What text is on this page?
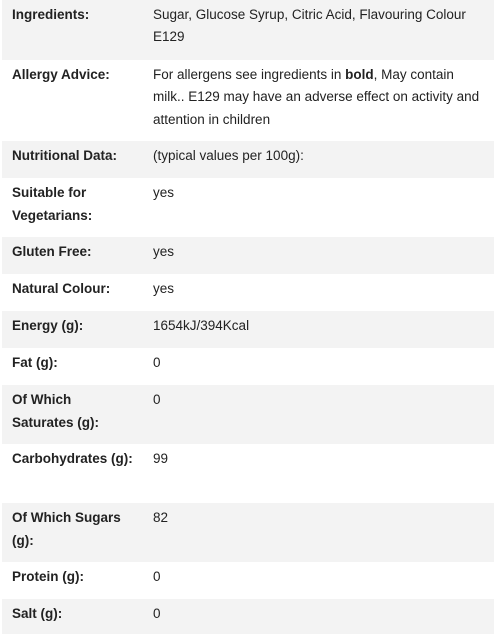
Ingredients:	Sugar, Glucose Syrup, Citric Acid, Flavouring Colour E129
Allergy Advice:	For allergens see ingredients in bold, May contain milk.. E129 may have an adverse effect on activity and attention in children
Nutritional Data:	(typical values per 100g):
Suitable for Vegetarians:	yes
Gluten Free:	yes
Natural Colour:	yes
Energy (g):	1654kJ/394Kcal
Fat (g):	0
Of Which Saturates (g):	0
Carbohydrates (g):	99
Of Which Sugars (g):	82
Protein (g):	0
Salt (g):	0
